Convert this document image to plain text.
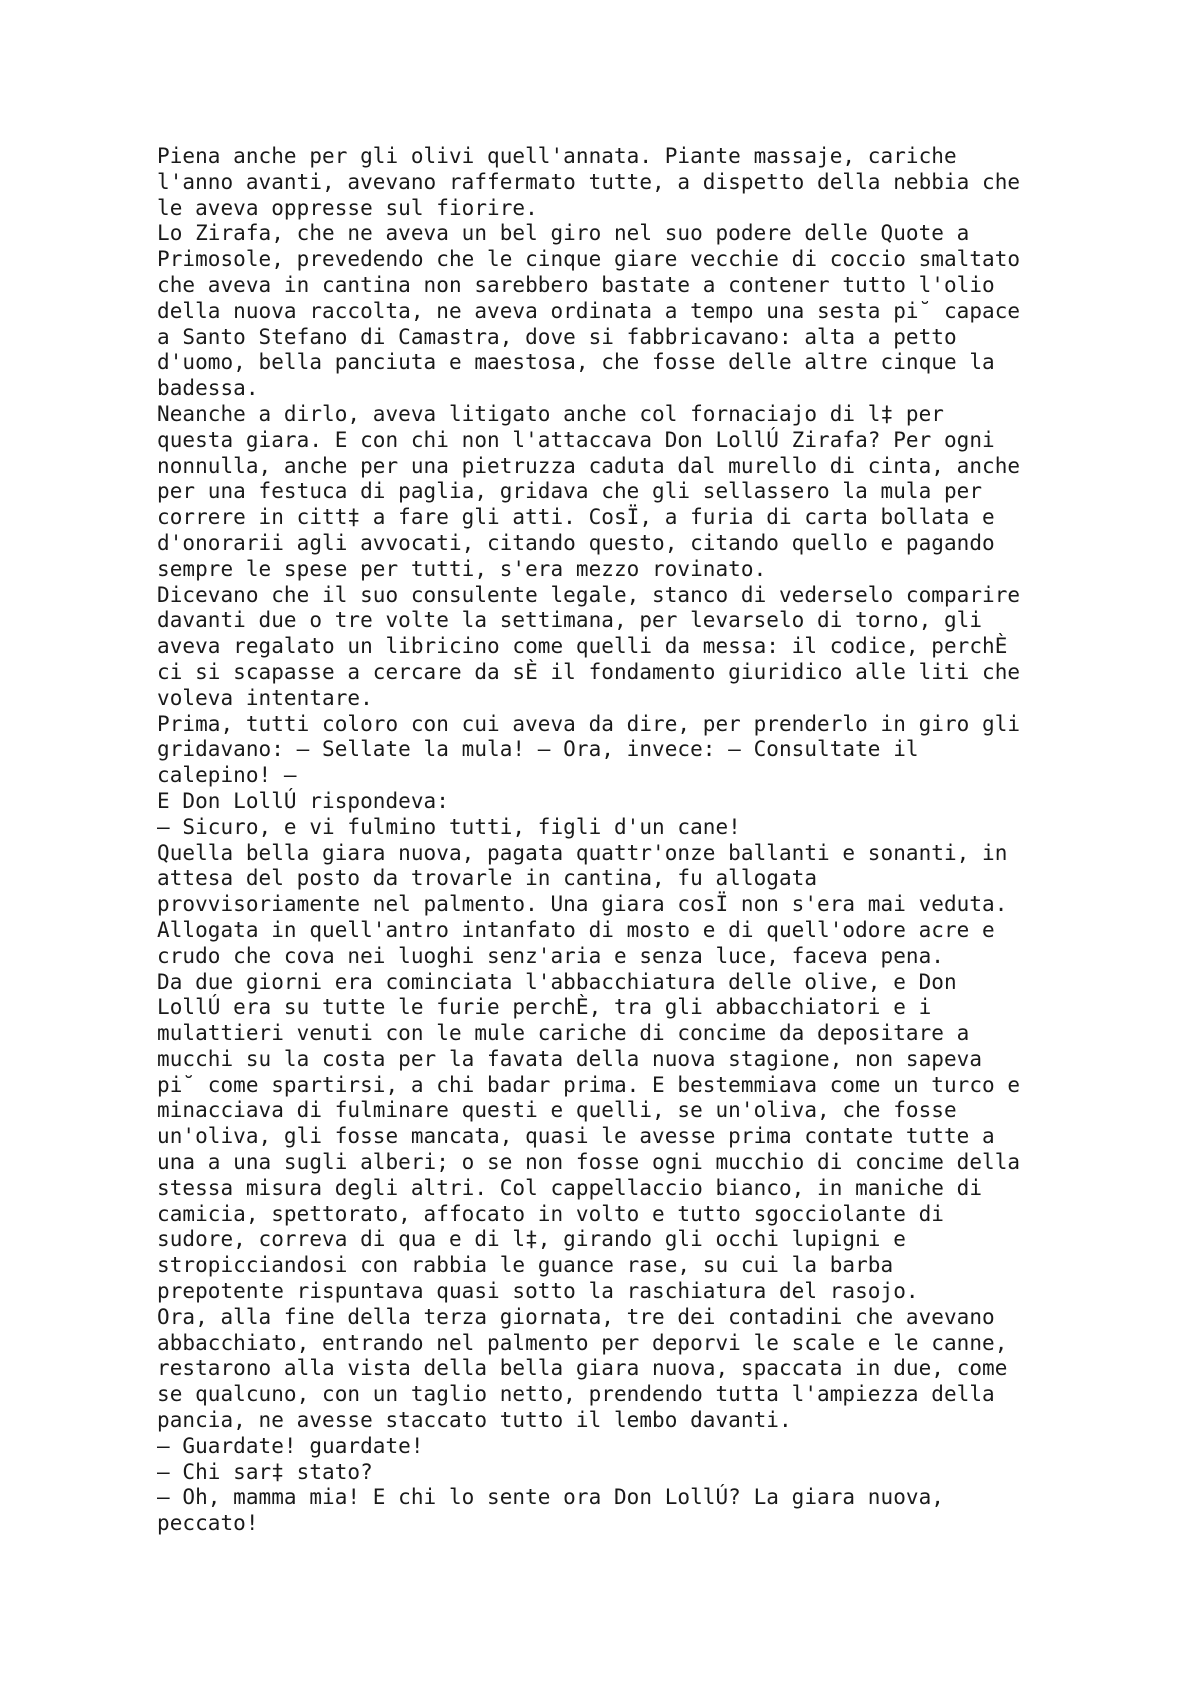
Piena anche per gli olivi quell'annata. Piante massaje, cariche
l'anno avanti, avevano raffermato tutte, a dispetto della nebbia che
le aveva oppresse sul fiorire.
Lo Zirafa, che ne aveva un bel giro nel suo podere delle Quote a
Primosole, prevedendo che le cinque giare vecchie di coccio smaltato
che aveva in cantina non sarebbero bastate a contener tutto l'olio
della nuova raccolta, ne aveva ordinata a tempo una sesta pi˘ capace
a Santo Stefano di Camastra, dove si fabbricavano: alta a petto
d'uomo, bella panciuta e maestosa, che fosse delle altre cinque la
badessa.
Neanche a dirlo, aveva litigato anche col fornaciajo di l‡ per
questa giara. E con chi non l'attaccava Don LollÚ Zirafa? Per ogni
nonnulla, anche per una pietruzza caduta dal murello di cinta, anche
per una festuca di paglia, gridava che gli sellassero la mula per
correre in citt‡ a fare gli atti. CosÏ, a furia di carta bollata e
d'onorarii agli avvocati, citando questo, citando quello e pagando
sempre le spese per tutti, s'era mezzo rovinato.
Dicevano che il suo consulente legale, stanco di vederselo comparire
davanti due o tre volte la settimana, per levarselo di torno, gli
aveva regalato un libricino come quelli da messa: il codice, perchÈ
ci si scapasse a cercare da sÈ il fondamento giuridico alle liti che
voleva intentare.
Prima, tutti coloro con cui aveva da dire, per prenderlo in giro gli
gridavano: – Sellate la mula! – Ora, invece: – Consultate il
calepino! –
E Don LollÚ rispondeva:
– Sicuro, e vi fulmino tutti, figli d'un cane!
Quella bella giara nuova, pagata quattr'onze ballanti e sonanti, in
attesa del posto da trovarle in cantina, fu allogata
provvisoriamente nel palmento. Una giara cosÏ non s'era mai veduta.
Allogata in quell'antro intanfato di mosto e di quell'odore acre e
crudo che cova nei luoghi senz'aria e senza luce, faceva pena.
Da due giorni era cominciata l'abbacchiatura delle olive, e Don
LollÚ era su tutte le furie perchÈ, tra gli abbacchiatori e i
mulattieri venuti con le mule cariche di concime da depositare a
mucchi su la costa per la favata della nuova stagione, non sapeva
pi˘ come spartirsi, a chi badar prima. E bestemmiava come un turco e
minacciava di fulminare questi e quelli, se un'oliva, che fosse
un'oliva, gli fosse mancata, quasi le avesse prima contate tutte a
una a una sugli alberi; o se non fosse ogni mucchio di concime della
stessa misura degli altri. Col cappellaccio bianco, in maniche di
camicia, spettorato, affocato in volto e tutto sgocciolante di
sudore, correva di qua e di l‡, girando gli occhi lupigni e
stropicciandosi con rabbia le guance rase, su cui la barba
prepotente rispuntava quasi sotto la raschiatura del rasojo.
Ora, alla fine della terza giornata, tre dei contadini che avevano
abbacchiato, entrando nel palmento per deporvi le scale e le canne,
restarono alla vista della bella giara nuova, spaccata in due, come
se qualcuno, con un taglio netto, prendendo tutta l'ampiezza della
pancia, ne avesse staccato tutto il lembo davanti.
– Guardate! guardate!
– Chi sar‡ stato?
– Oh, mamma mia! E chi lo sente ora Don LollÚ? La giara nuova,
peccato!
